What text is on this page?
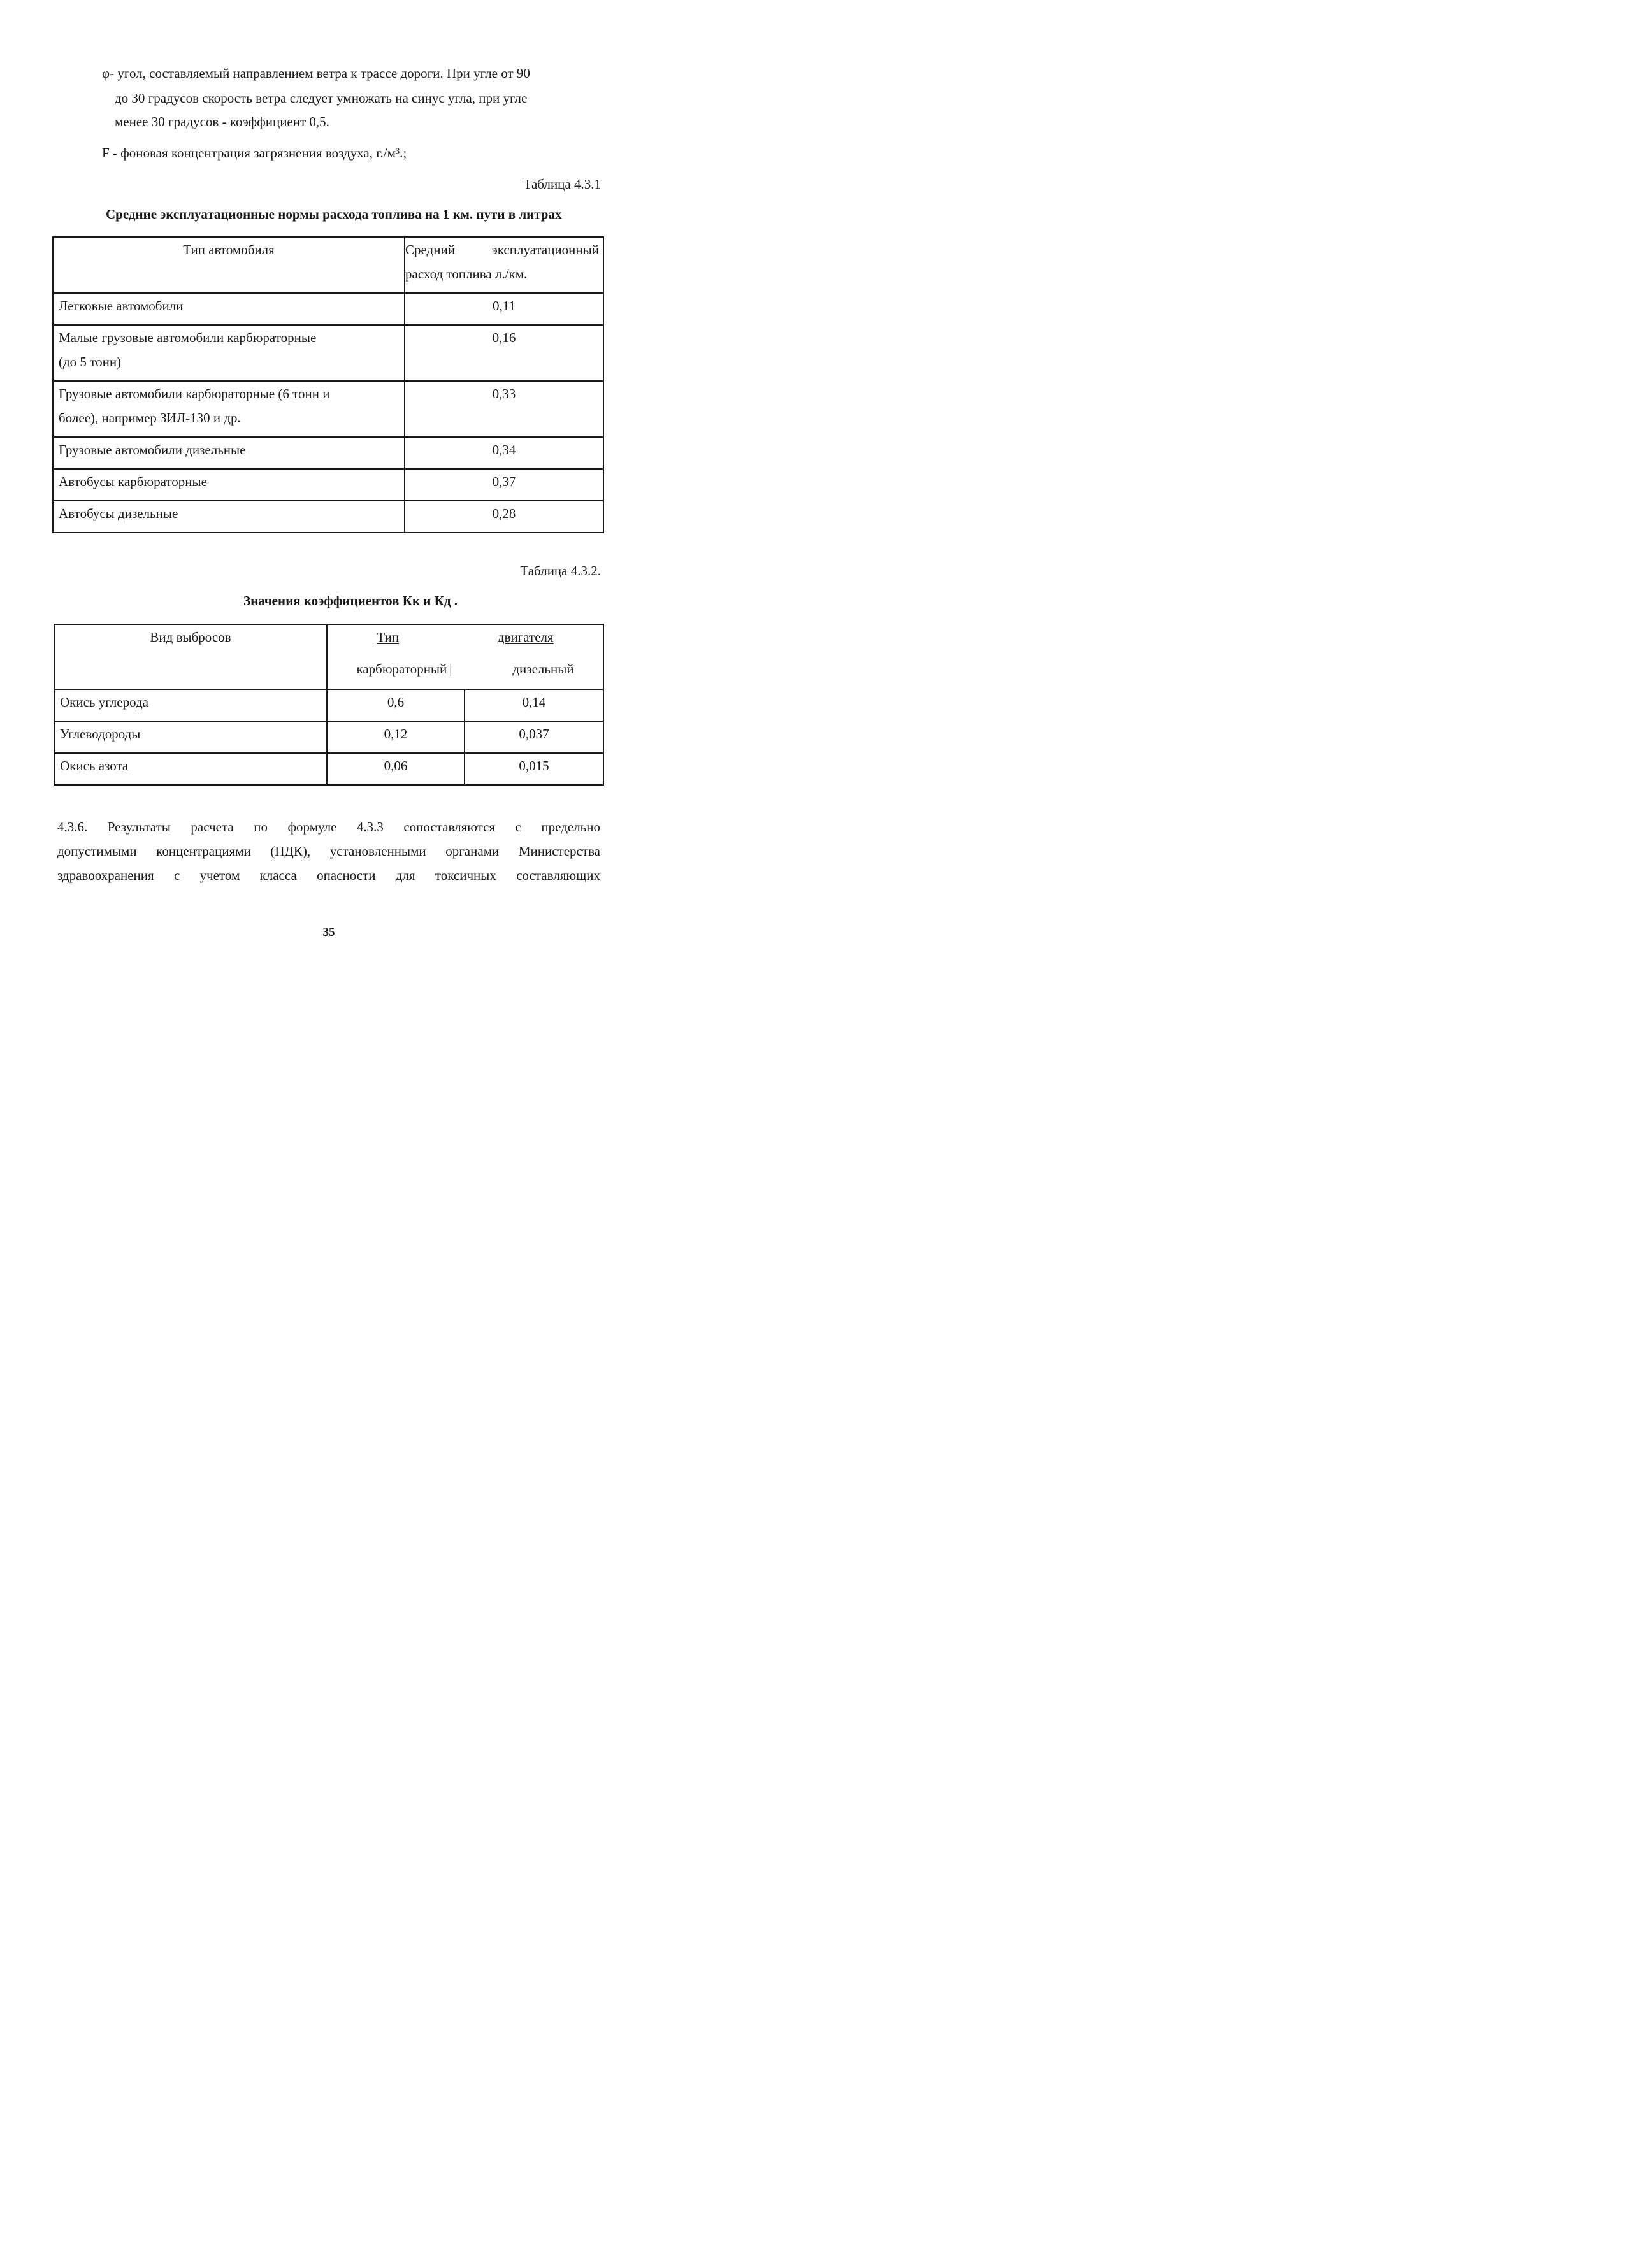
φ- угол, составляемый направлением ветра к трассе дороги. При угле от 90
до 30 градусов скорость ветра следует умножать на синус угла, при угле
менее 30 градусов - коэффициент 0,5.
F - фоновая концентрация загрязнения воздуха, г./м³.;
Таблица 4.3.1
Средние эксплуатационные нормы расхода топлива на 1 км. пути в литрах
Тип автомобиля	Средний эксплуатационный
расход топлива л./км.

Легковые автомобили	0,11

Малые грузовые автомобили карбюраторные
(до 5 тонн)	0,16

Грузовые автомобили карбюраторные (6 тонн и
более), например ЗИЛ-130 и др.	0,33
Грузовые автомобили дизельные	0,34
Автобусы карбюраторные	0,37
Автобусы дизельные	0,28
Таблица 4.3.2.
Значения коэффициентов Кк и Кд .
Вид выбросов	Тип двигателя
карбюраторный | дизельный	

Окись углерода	0,6	0,14
Углеводороды	0,12	0,037
Окись азота	0,06	0,015
4.3.6. Результаты расчета по формуле 4.3.3 сопоставляются с предельно
допустимыми концентрациями (ПДК), установленными органами Министерства
здравоохранения с учетом класса опасности для токсичных составляющих
35
